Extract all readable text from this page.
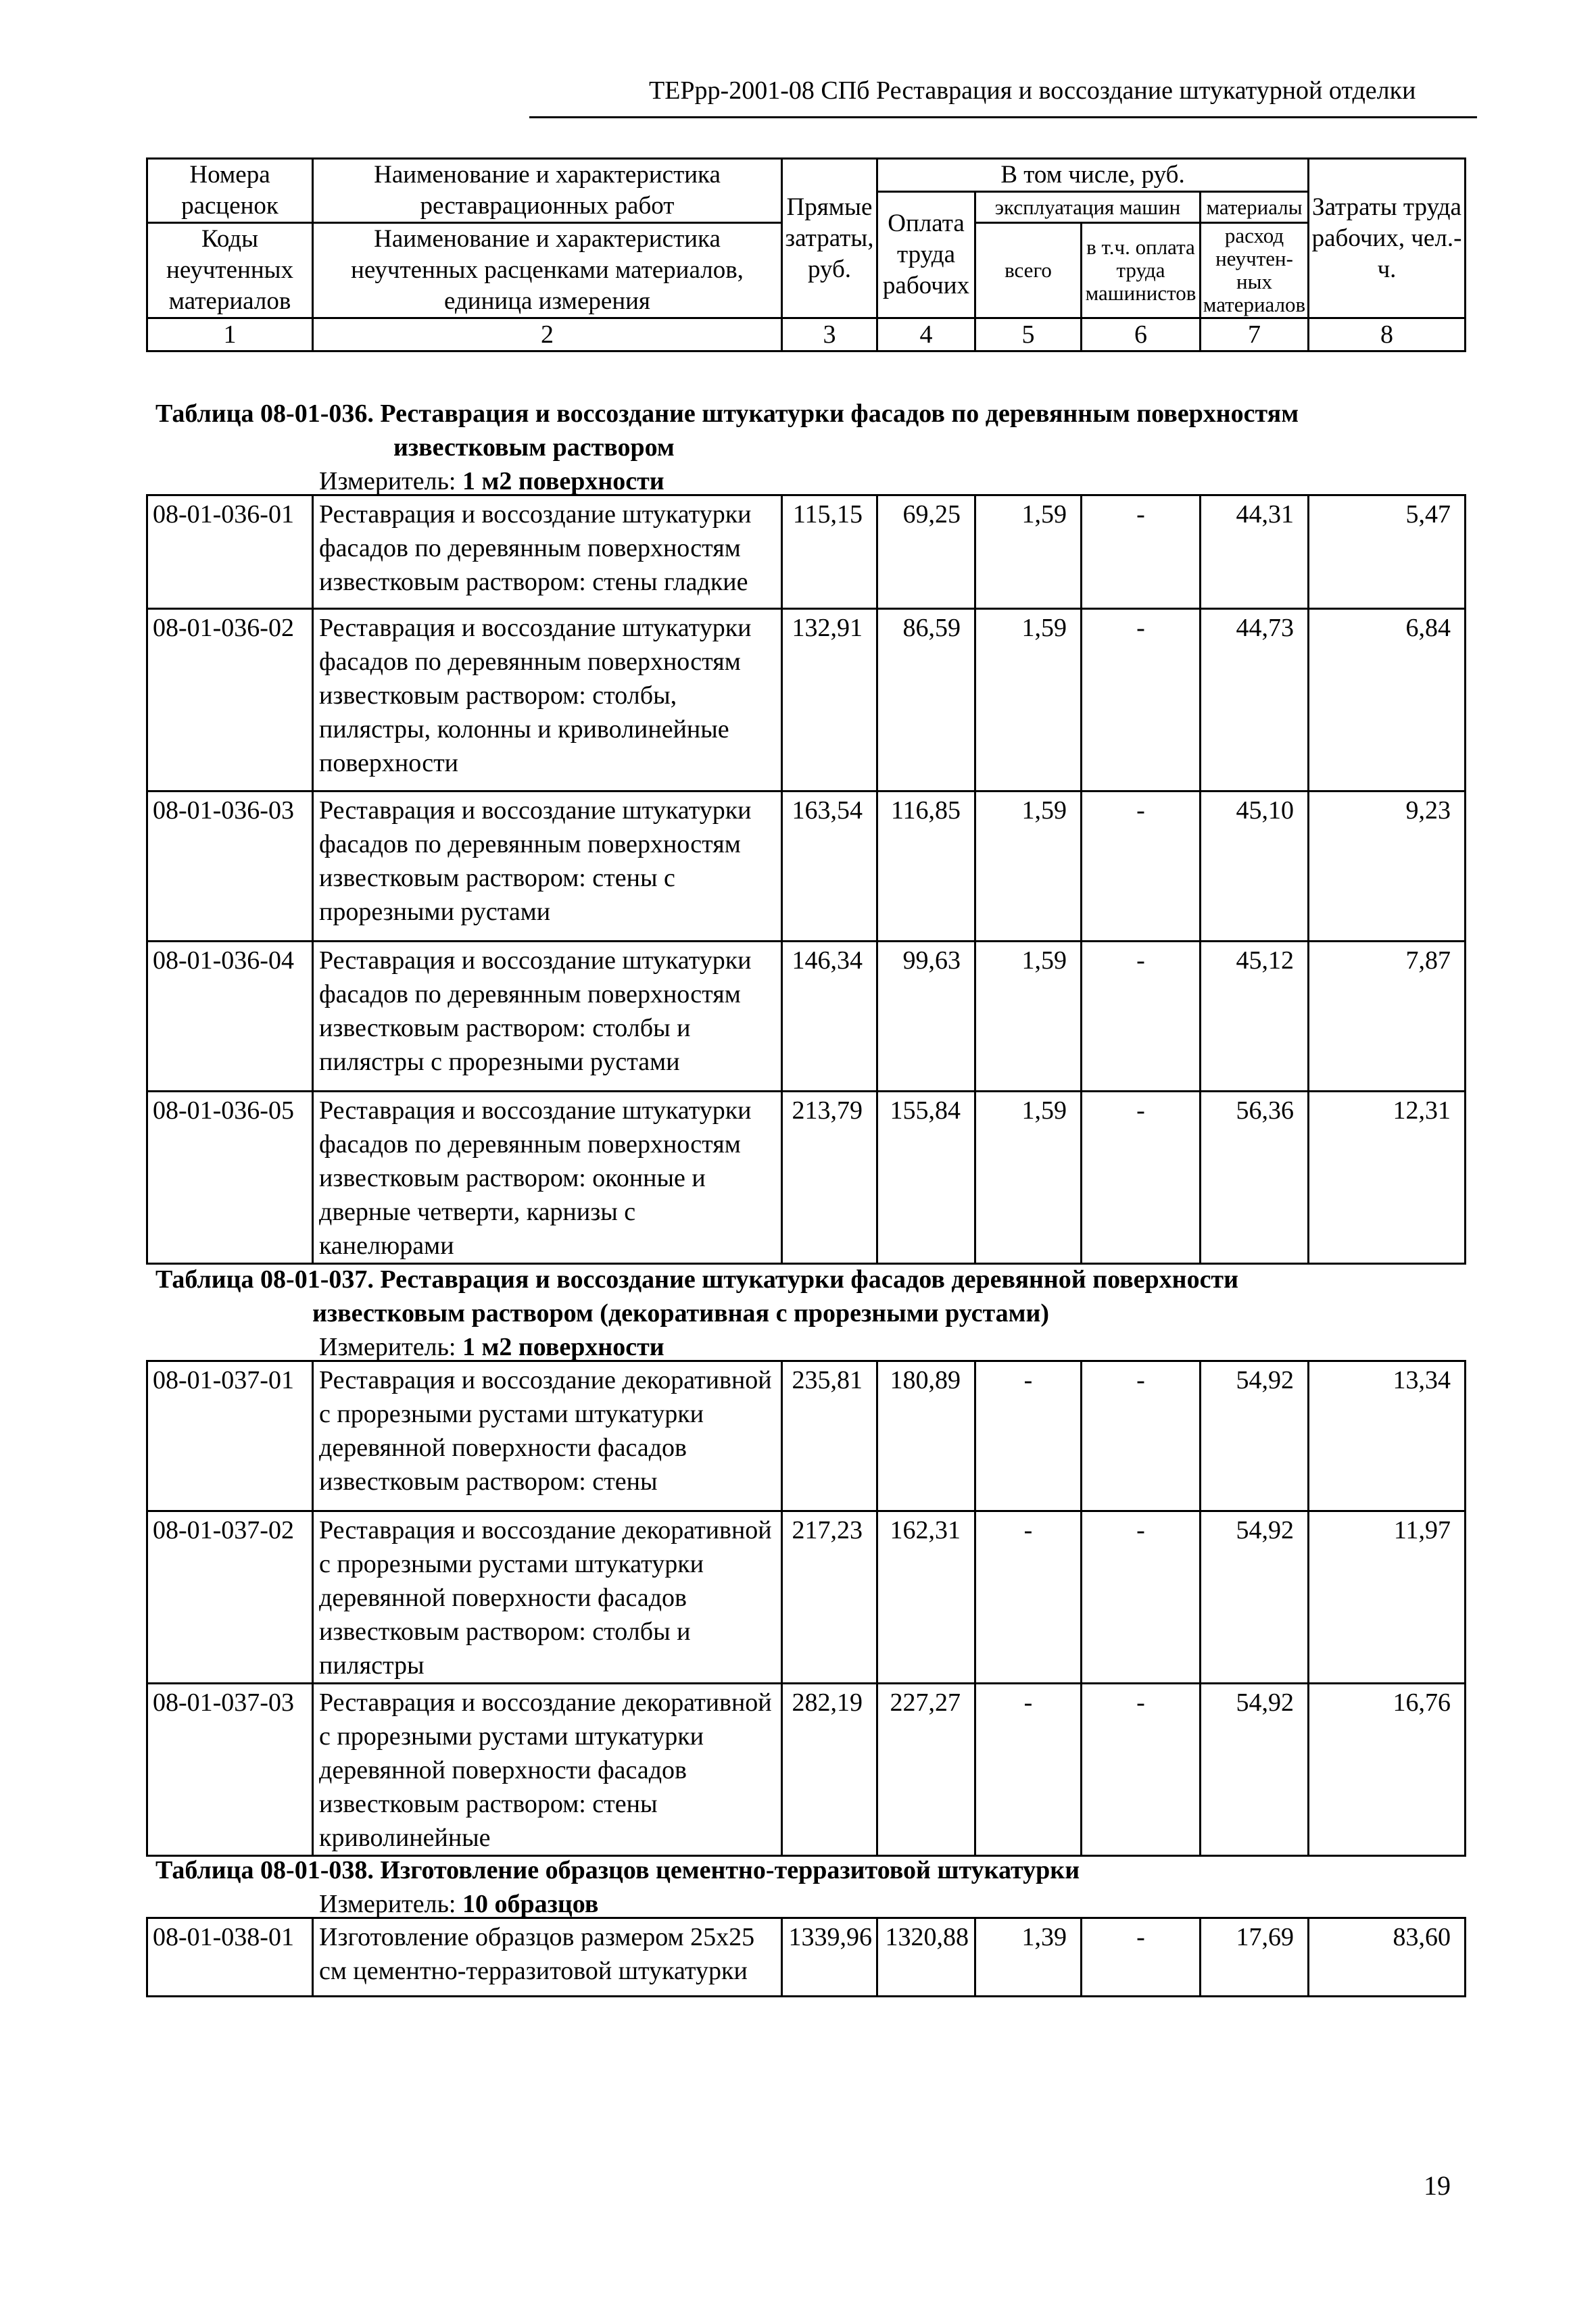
ТЕРрр-2001-08 СПб Реставрация и воссоздание штукатурной отделки
Номера расценок	Наименование и характеристика реставрационных работ	Прямые затраты, руб.	В том числе, руб.				Затраты труда рабочих, чел.-ч.
			Оплата труда рабочих	эксплуатация машин		материалы	
Коды неучтенных материалов	Наименование и характеристика неучтенных расценками материалов, единица измерения			всего	в т.ч. оплата труда машинистов	расход неучтен-ных материалов	

1	2	3	4	5	6	7	8
Таблица 08-01-036. Реставрация и воссоздание штукатурки фасадов по деревянным поверхностям
известковым раствором
Измеритель: 1 м2 поверхности
08-01-036-01	Реставрация и воссоздание штукатурки фасадов по деревянным поверхностям известковым раствором: стены гладкие	115,15	69,25	1,59	-	44,31	5,47
08-01-036-02	Реставрация и воссоздание штукатурки фасадов по деревянным поверхностям известковым раствором: столбы, пилястры, колонны и криволинейные поверхности	132,91	86,59	1,59	-	44,73	6,84
08-01-036-03	Реставрация и воссоздание штукатурки фасадов по деревянным поверхностям известковым раствором: стены с прорезными рустами	163,54	116,85	1,59	-	45,10	9,23
08-01-036-04	Реставрация и воссоздание штукатурки фасадов по деревянным поверхностям известковым раствором: столбы и пилястры с прорезными рустами	146,34	99,63	1,59	-	45,12	7,87
08-01-036-05	Реставрация и воссоздание штукатурки фасадов по деревянным поверхностям известковым раствором: оконные и дверные четверти, карнизы с канелюрами	213,79	155,84	1,59	-	56,36	12,31
Таблица 08-01-037. Реставрация и воссоздание штукатурки фасадов деревянной поверхности
известковым раствором (декоративная с прорезными рустами)
Измеритель: 1 м2 поверхности
08-01-037-01	Реставрация и воссоздание декоративной с прорезными рустами штукатурки деревянной поверхности фасадов известковым раствором: стены	235,81	180,89	-	-	54,92	13,34
08-01-037-02	Реставрация и воссоздание декоративной с прорезными рустами штукатурки деревянной поверхности фасадов известковым раствором: столбы и пилястры	217,23	162,31	-	-	54,92	11,97
08-01-037-03	Реставрация и воссоздание декоративной с прорезными рустами штукатурки деревянной поверхности фасадов известковым раствором: стены криволинейные	282,19	227,27	-	-	54,92	16,76
Таблица 08-01-038. Изготовление образцов цементно-терразитовой штукатурки
Измеритель: 10 образцов
08-01-038-01	Изготовление образцов размером 25х25 см цементно-терразитовой штукатурки	1339,96	1320,88	1,39	-	17,69	83,60
19
